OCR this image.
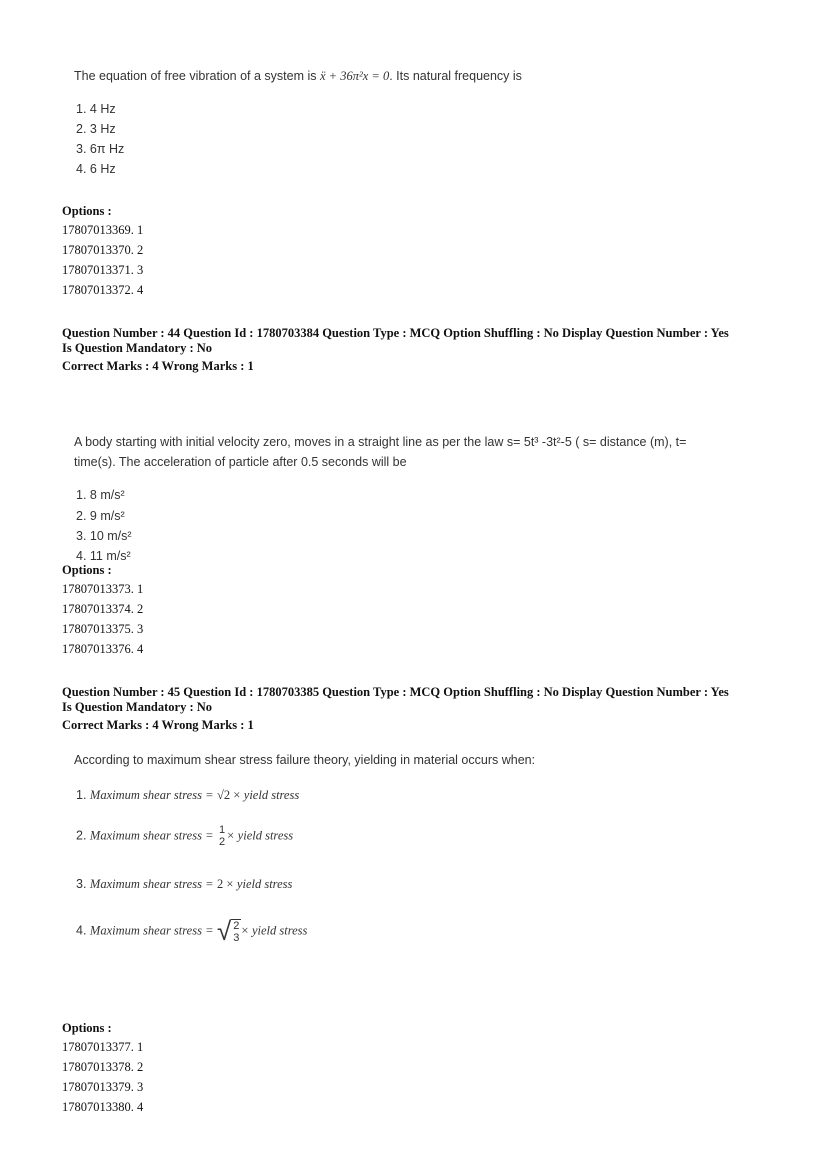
The equation of free vibration of a system is ẍ + 36π²x = 0. Its natural frequency is
1. 4 Hz
2. 3 Hz
3. 6π Hz
4. 6 Hz
Options :
17807013369. 1
17807013370. 2
17807013371. 3
17807013372. 4
Question Number : 44 Question Id : 1780703384 Question Type : MCQ Option Shuffling : No Display Question Number : Yes
Is Question Mandatory : No
Correct Marks : 4 Wrong Marks : 1
A body starting with initial velocity zero, moves in a straight line as per the law s= 5t³ -3t²-5 ( s= distance (m), t=
time(s). The acceleration of particle after 0.5 seconds will be
1. 8 m/s²
2. 9 m/s²
3. 10 m/s²
4. 11 m/s²
Options :
17807013373. 1
17807013374. 2
17807013375. 3
17807013376. 4
Question Number : 45 Question Id : 1780703385 Question Type : MCQ Option Shuffling : No Display Question Number : Yes
Is Question Mandatory : No
Correct Marks : 4 Wrong Marks : 1
According to maximum shear stress failure theory, yielding in material occurs when:
1. Maximum shear stress = √2 × yield stress
2. Maximum shear stress = 1
2 × yield stress
3. Maximum shear stress = 2 × yield stress
4. Maximum shear stress = √ 2
3
× yield stress
Options :
17807013377. 1
17807013378. 2
17807013379. 3
17807013380. 4
